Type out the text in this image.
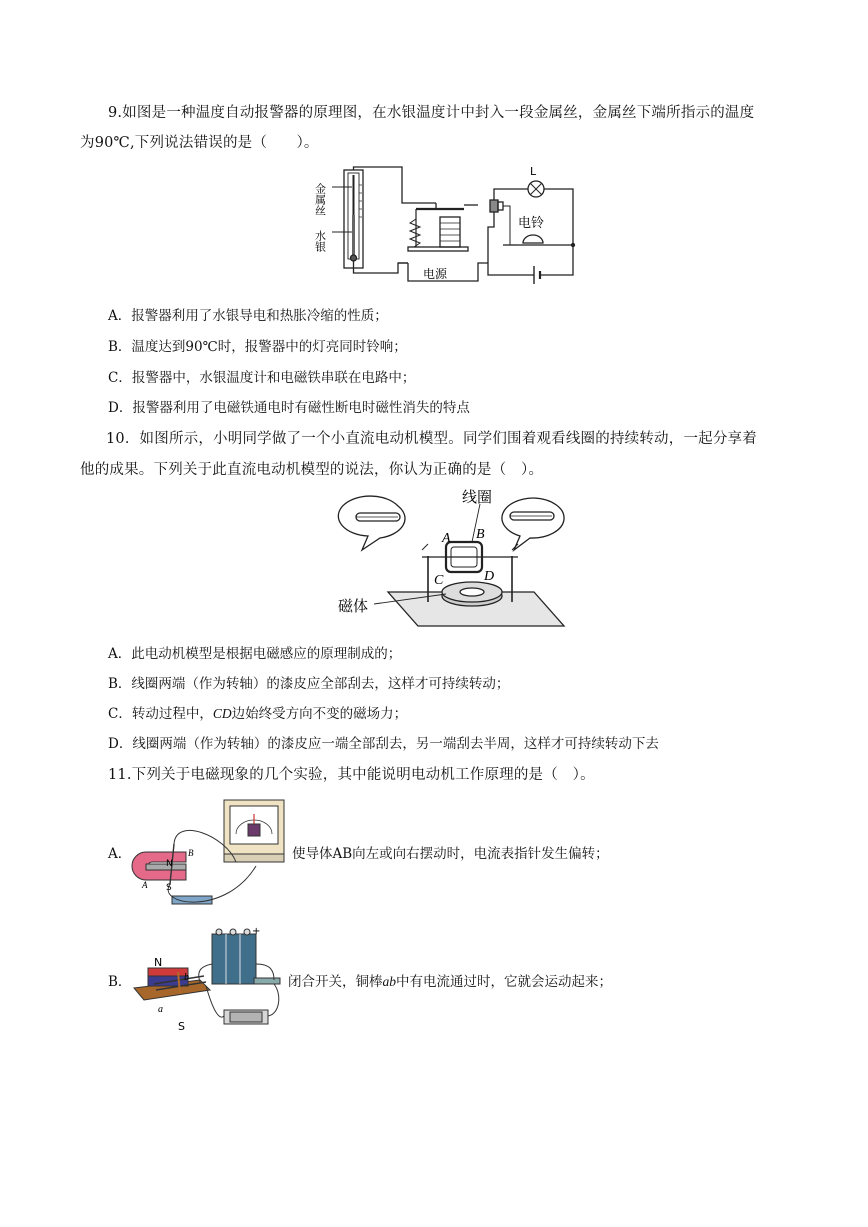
9.如图是一种温度自动报警器的原理图，在水银温度计中封入一段金属丝，金属丝下端所指示的温度
为90℃,下列说法错误的是（　　）。
金属丝
水银
L
电铃
电源
A．报警器利用了水银导电和热胀冷缩的性质；
B．温度达到90℃时，报警器中的灯亮同时铃响；
C．报警器中，水银温度计和电磁铁串联在电路中；
D．报警器利用了电磁铁通电时有磁性断电时磁性消失的特点
10．如图所示，小明同学做了一个小直流电动机模型。同学们围着观看线圈的持续转动，一起分享着
他的成果。下列关于此直流电动机模型的说法，你认为正确的是（　）。
线圈
磁体
A B
C	D
A．此电动机模型是根据电磁感应的原理制成的；
B．线圈两端（作为转轴）的漆皮应全部刮去，这样才可持续转动；
C．转动过程中，CD边始终受方向不变的磁场力；
D．线圈两端（作为转轴）的漆皮应一端全部刮去，另一端刮去半周，这样才可持续转动下去
11.下列关于电磁现象的几个实验，其中能说明电动机工作原理的是（　）。
A．
N
S
A
B	使导体AB向左或向右摆动时，电流表指针发生偏转；
B．
N
S
a
b
+
闭合开关，铜棒ab中有电流通过时，它就会运动起来；
